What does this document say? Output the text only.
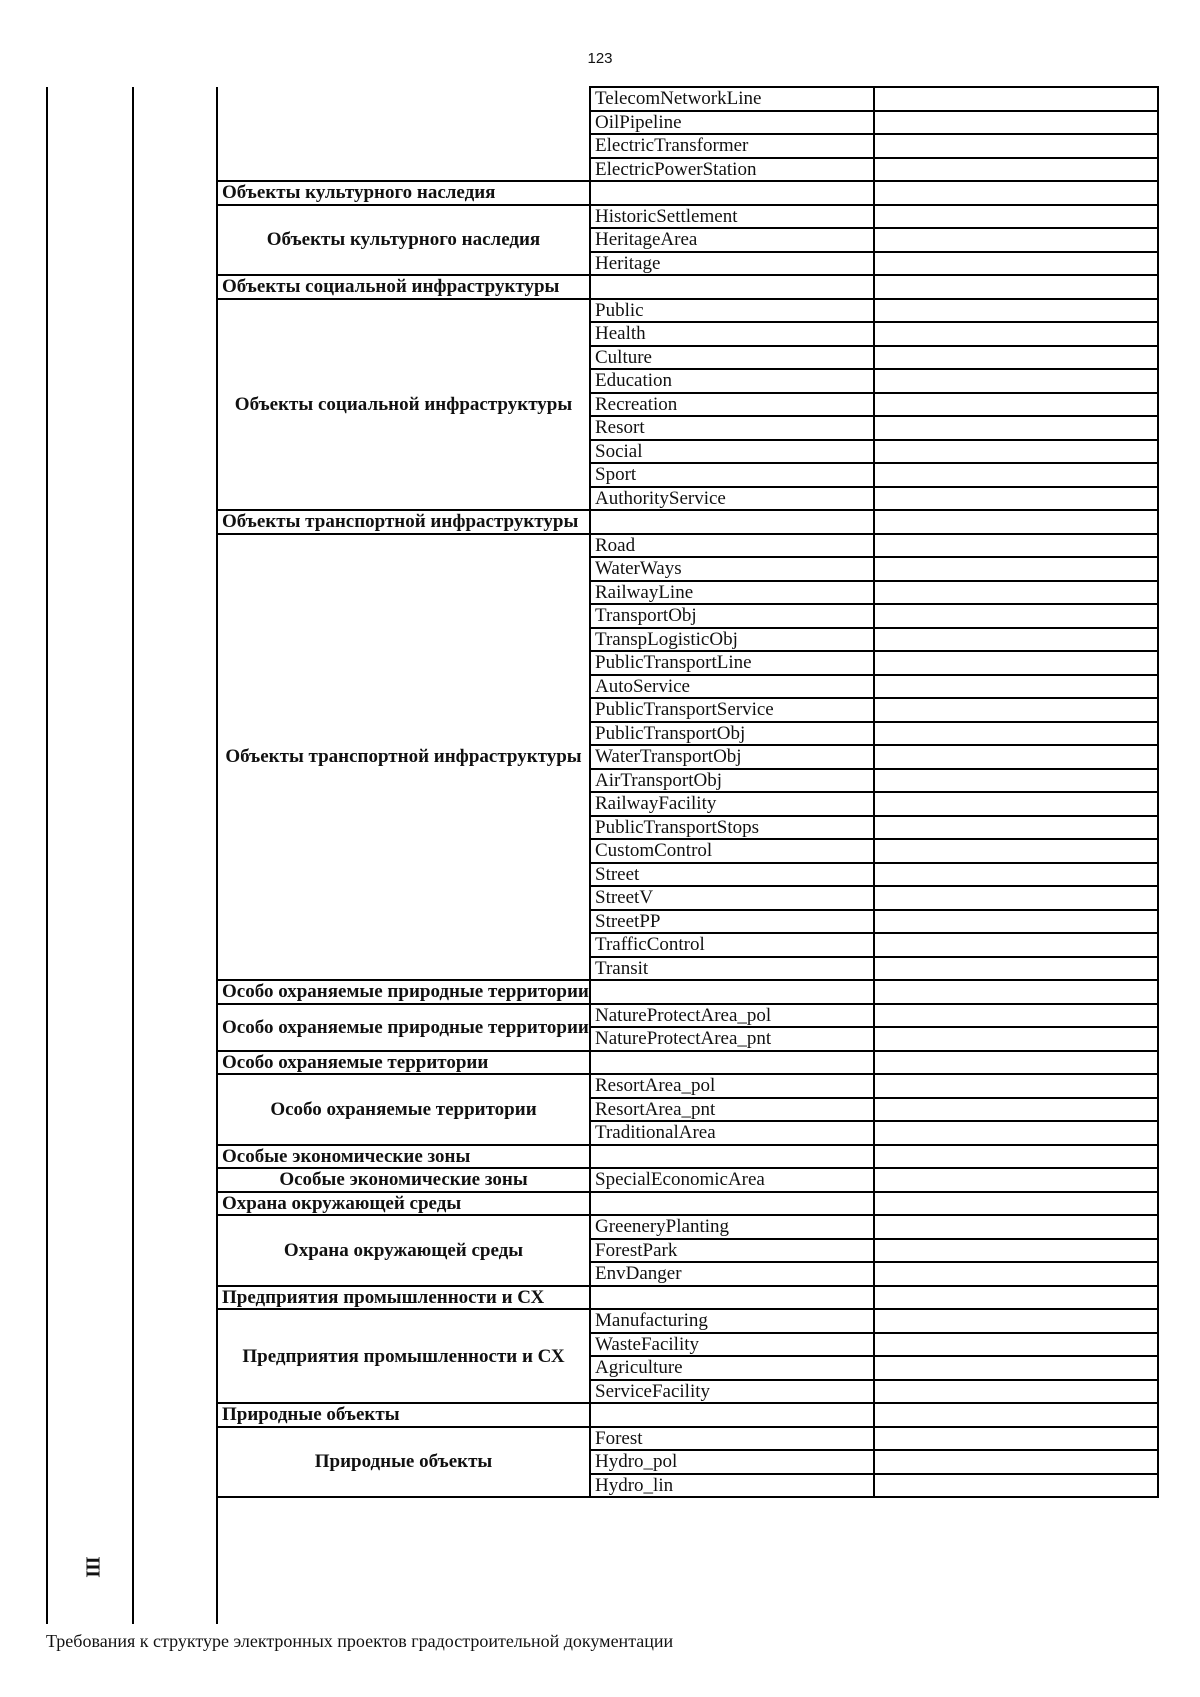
123
III
	TelecomNetworkLine	
	OilPipeline	
	ElectricTransformer	
	ElectricPowerStation	
Объекты культурного наследия		
Объекты культурного наследия	HistoricSettlement	
	HeritageArea	
	Heritage	
Объекты социальной инфраструктуры		
Объекты социальной инфраструктуры	Public	
	Health	
	Culture	
	Education	
	Recreation	
	Resort	
	Social	
	Sport	
	AuthorityService	
Объекты транспортной инфраструктуры		
Объекты транспортной инфраструктуры	Road	
	WaterWays	
	RailwayLine	
	TransportObj	
	TranspLogisticObj	
	PublicTransportLine	
	AutoService	
	PublicTransportService	
	PublicTransportObj	
	WaterTransportObj	
	AirTransportObj	
	RailwayFacility	
	PublicTransportStops	
	CustomControl	
	Street	
	StreetV	
	StreetPP	
	TrafficControl	
	Transit	
Особо охраняемые природные территории		
Особо охраняемые природные территории	NatureProtectArea_pol	
	NatureProtectArea_pnt	
Особо охраняемые территории		
Особо охраняемые территории	ResortArea_pol	
	ResortArea_pnt	
	TraditionalArea	
Особые экономические зоны		
Особые экономические зоны	SpecialEconomicArea	
Охрана окружающей среды		
Охрана окружающей среды	GreeneryPlanting	
	ForestPark	
	EnvDanger	
Предприятия промышленности и СХ		
Предприятия промышленности и СХ	Manufacturing	
	WasteFacility	
	Agriculture	
	ServiceFacility	
Природные объекты		
Природные объекты	Forest	
	Hydro_pol	
	Hydro_lin	
Требования к структуре электронных проектов градостроительной документации
